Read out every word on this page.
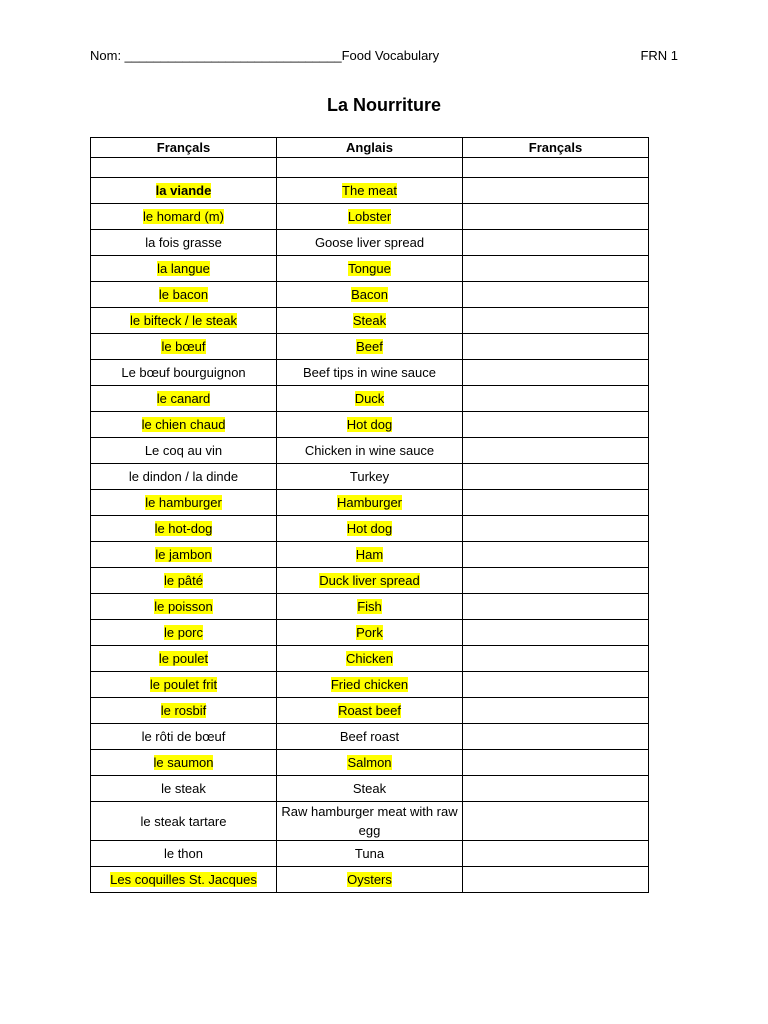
Nom: ______________________________Food Vocabulary	FRN 1
La Nourriture
Françals	Anglais	Françals

la viande	The meat	
le homard (m)	Lobster	
la fois grasse	Goose liver spread	
la langue	Tongue	
le bacon	Bacon	
le bifteck / le steak	Steak	
le bœuf	Beef	
Le bœuf bourguignon	Beef tips in wine sauce	
le canard	Duck	
le chien chaud	Hot dog	
Le coq au vin	Chicken in wine sauce	
le dindon / la dinde	Turkey	
le hamburger	Hamburger	
le hot-dog	Hot dog	
le jambon	Ham	
le pâté	Duck liver spread	
le poisson	Fish	
le porc	Pork	
le poulet	Chicken	
le poulet frit	Fried chicken	
le rosbif	Roast beef	
le rôti de bœuf	Beef roast	
le saumon	Salmon	
le steak	Steak	
le steak tartare	Raw hamburger meat with raw egg	
le thon	Tuna	
Les coquilles St. Jacques	Oysters	
